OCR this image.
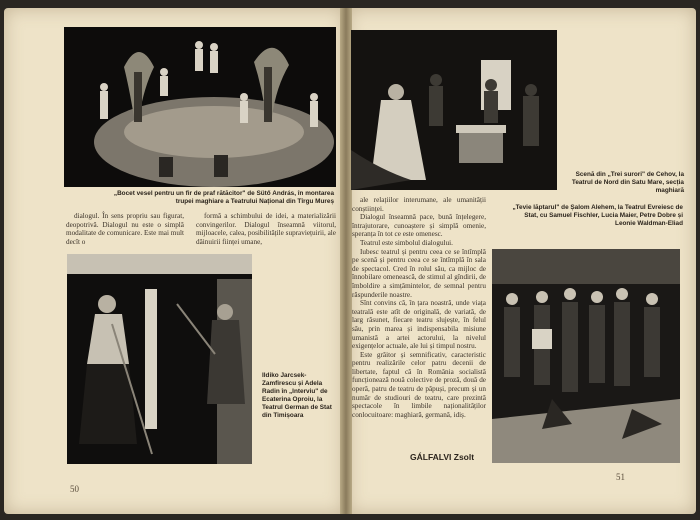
„Bocet vesel pentru un fir de praf rătăcitor" de Sütő András, în montarea trupei maghiare a Teatrului Național din Tîrgu Mureș
Scenă din „Trei surori" de Cehov, la Teatrul de Nord din Satu Mare, secția maghiară
Ildiko Jarcsek-Zamfirescu și Adela Radin în „Interviu" de Ecaterina Oproiu, la Teatrul German de Stat din Timișoara
„Tevie lăptarul" de Șalom Alehem, la Teatrul Evreiesc de Stat, cu Samuel Fischler, Lucia Maier, Petre Dobre și Leonie Waldman-Eliad

dialogul. În sens propriu sau figurat, deopotrivă. Dialogul nu este o simplă modalitate de comunicare. Este mai mult decît o

formă a schimbului de idei, a materializării convingerilor. Dialogul înseamnă viitorul, mijloacele, calea, posibilitățile supraviețuirii, ale dăinuirii ființei umane,

ale relațiilor interumane, ale umanității conștiinței.

Dialogul înseamnă pace, bună înțelegere, întrajutorare, cunoaștere și simplă omenie, speranța în tot ce este omenesc.

Teatrul este simbolul dialogului.

Iubesc teatrul și pentru ceea ce se întîmplă pe scenă și pentru ceea ce se întîmplă în sala de spectacol. Cred în rolul său, ca mijloc de înnobilare omenească, de stimul al gîndirii, de îmboldire a simțămintelor, de semnal pentru răspunderile noastre.

Sînt convins că, în țara noastră, unde viața teatrală este atît de originală, de variată, de larg răsunet, fiecare teatru slujește, în felul său, prin marea și indispensabila misiune umanistă a artei actorului, la nivelul exigențelor actuale, ale lui și timpul nostru.

Este grăitor și semnificativ, caracteristic pentru realizările celor patru decenii de libertate, faptul că în România socialistă funcționează nouă colective de proză, două de operă, patru de teatru de păpuși, precum și un număr de studiouri de teatru, care prezintă spectacole în limbile naționalităților conlocuitoare: maghiară, germană, idiș.

GÁLFALVI Zsolt
50
51
